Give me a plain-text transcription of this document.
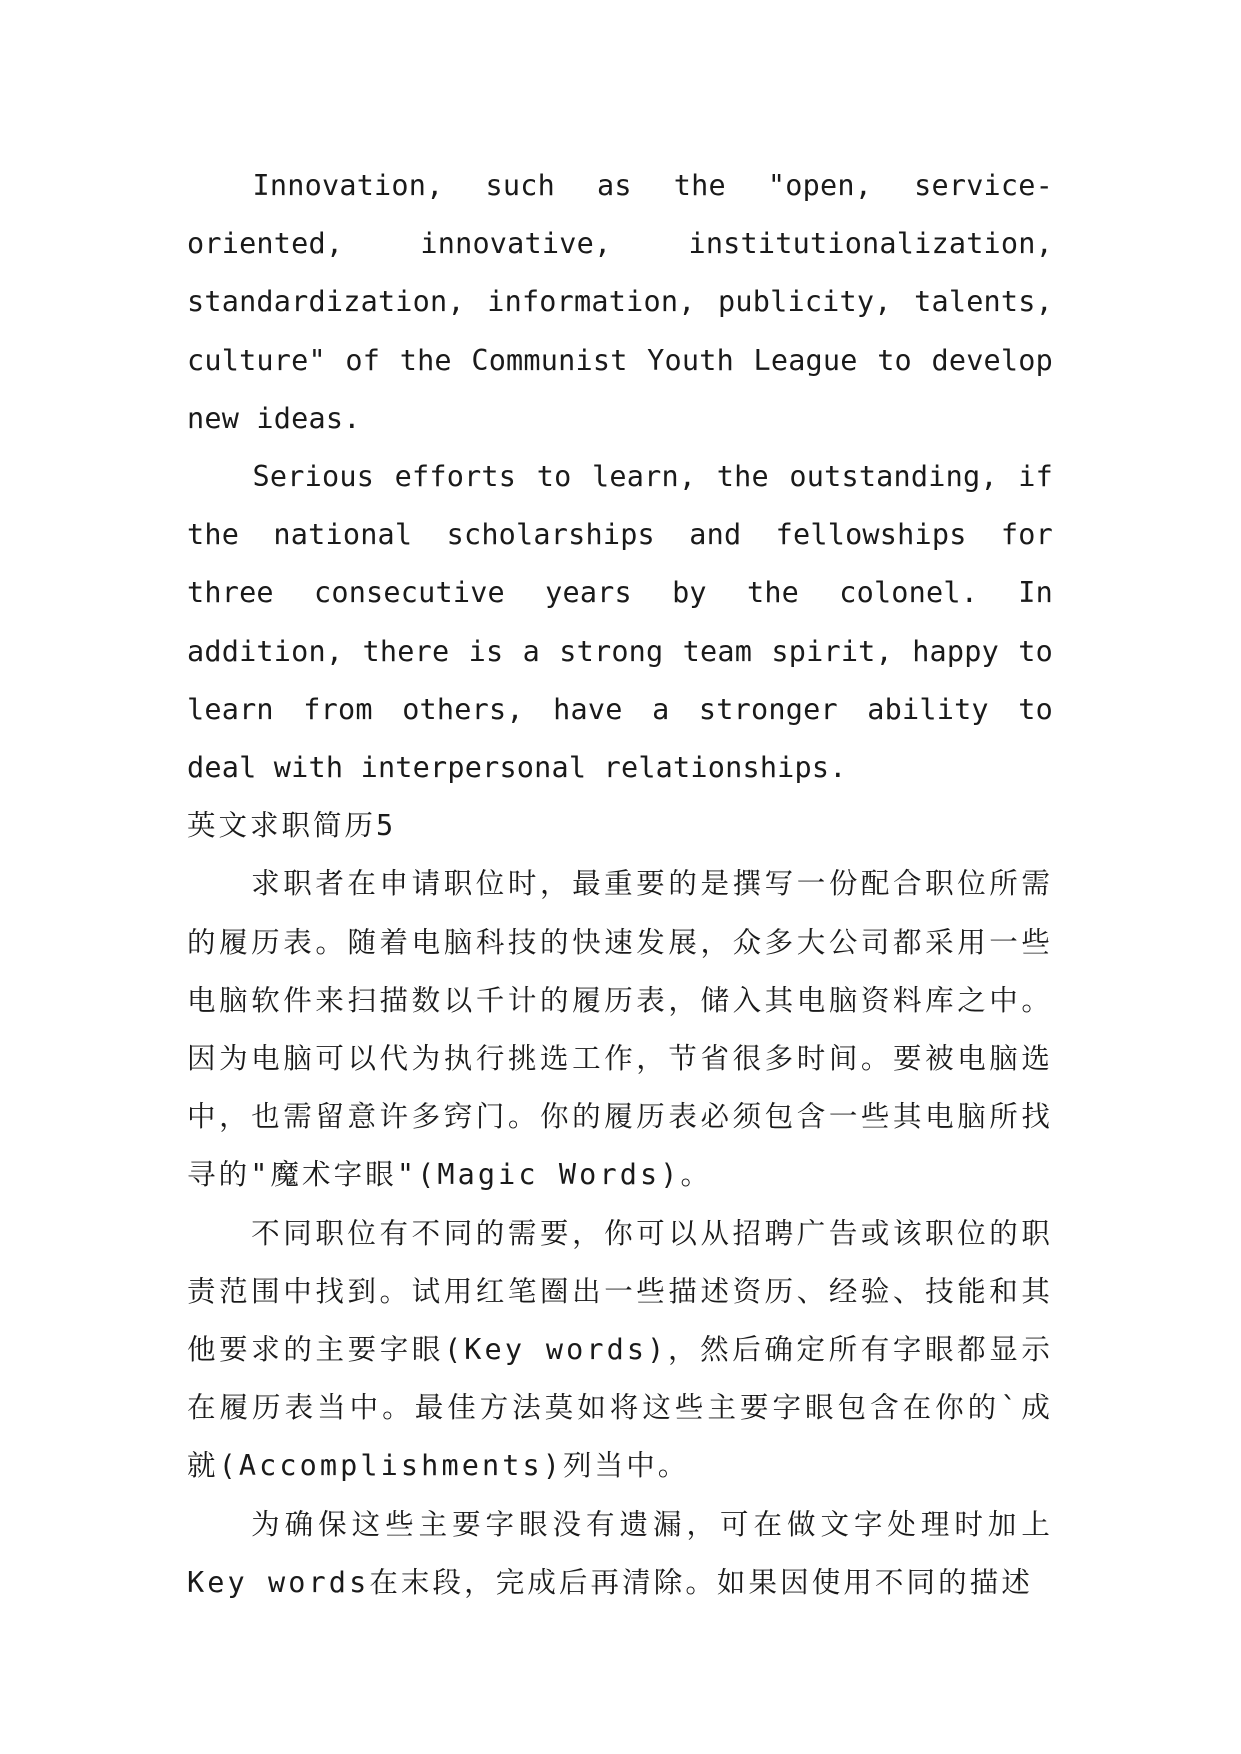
Innovation, such as the "open, service-oriented, innovative, institutionalization, standardization, information, publicity, talents, culture" of the Communist Youth League to develop new ideas.

Serious efforts to learn, the outstanding, if the national scholarships and fellowships for three consecutive years by the colonel. In addition, there is a strong team spirit, happy to learn from others, have a stronger ability to deal with interpersonal relationships.

英文求职简历5

求职者在申请职位时，最重要的是撰写一份配合职位所需的履历表。随着电脑科技的快速发展，众多大公司都采用一些电脑软件来扫描数以千计的履历表，储入其电脑资料库之中。因为电脑可以代为执行挑选工作，节省很多时间。要被电脑选中，也需留意许多窍门。你的履历表必须包含一些其电脑所找寻的"魔术字眼"(Magic Words)。

不同职位有不同的需要，你可以从招聘广告或该职位的职责范围中找到。试用红笔圈出一些描述资历、经验、技能和其他要求的主要字眼(Key words)，然后确定所有字眼都显示在履历表当中。最佳方法莫如将这些主要字眼包含在你的`成就(Accomplishments)列当中。

为确保这些主要字眼没有遗漏，可在做文字处理时加上Key words在末段，完成后再清除。如果因使用不同的描述
